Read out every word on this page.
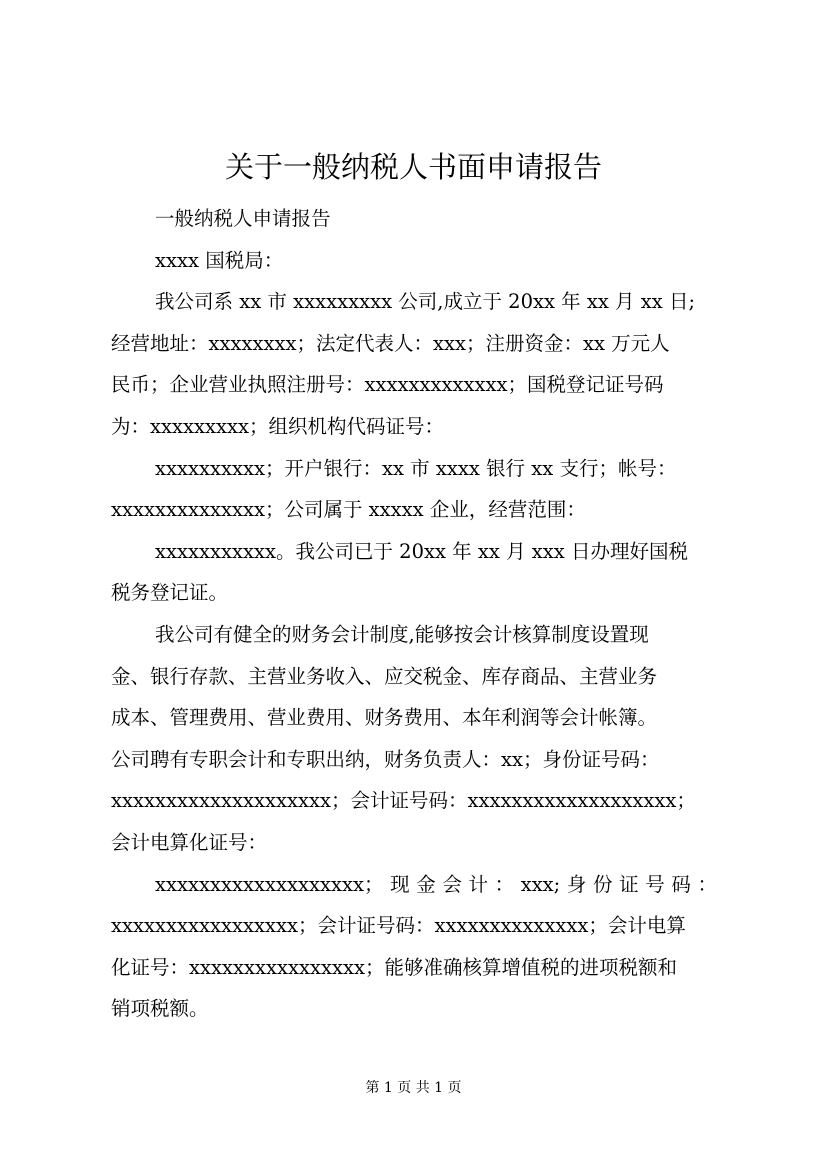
关于一般纳税人书面申请报告
一般纳税人申请报告
xxxx 国税局：
我公司系 xx 市 xxxxxxxxx 公司,成立于 20xx 年 xx 月 xx 日;
经营地址：xxxxxxxx；法定代表人：xxx；注册资金：xx 万元人
民币；企业营业执照注册号：xxxxxxxxxxxxx；国税登记证号码
为：xxxxxxxxx；组织机构代码证号：
xxxxxxxxxx；开户银行：xx 市 xxxx 银行 xx 支行；帐号：
xxxxxxxxxxxxxx；公司属于 xxxxx 企业，经营范围：
xxxxxxxxxxx。我公司已于 20xx 年 xx 月 xxx 日办理好国税
税务登记证。
我公司有健全的财务会计制度,能够按会计核算制度设置现
金、银行存款、主营业务收入、应交税金、库存商品、主营业务
成本、管理费用、营业费用、财务费用、本年利润等会计帐簿。
公司聘有专职会计和专职出纳，财务负责人：xx；身份证号码：
xxxxxxxxxxxxxxxxxxxx；会计证号码：xxxxxxxxxxxxxxxxxxx；
会计电算化证号：
xxxxxxxxxxxxxxxxxxx；现金会计：xxx;身份证号码：
xxxxxxxxxxxxxxxxx；会计证号码：xxxxxxxxxxxxxx；会计电算
化证号：xxxxxxxxxxxxxxxx；能够准确核算增值税的进项税额和
销项税额。
第 1 页 共 1 页
